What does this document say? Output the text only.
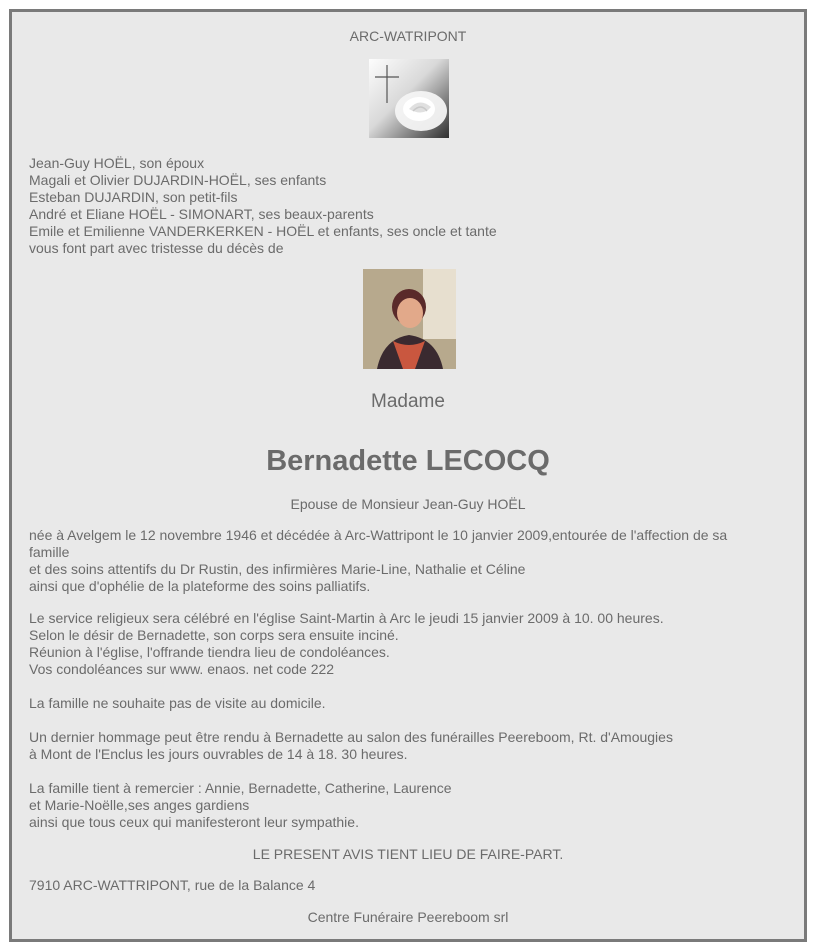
ARC-WATRIPONT
Jean-Guy HOËL, son époux
Magali et Olivier DUJARDIN-HOËL, ses enfants
Esteban DUJARDIN, son petit-fils
André et Eliane HOËL - SIMONART, ses beaux-parents
Emile et Emilienne VANDERKERKEN - HOËL et enfants, ses oncle et tante
vous font part avec tristesse du décès de
Madame
Bernadette LECOCQ
Epouse de Monsieur Jean-Guy HOËL
née à Avelgem le 12 novembre 1946 et décédée à Arc-Wattripont le 10 janvier 2009,entourée de l'affection de sa
famille
et des soins attentifs du Dr Rustin, des infirmières Marie-Line, Nathalie et Céline
ainsi que d'ophélie de la plateforme des soins palliatifs.
Le service religieux sera célébré en l'église Saint-Martin à Arc le jeudi 15 janvier 2009 à 10. 00 heures.
Selon le désir de Bernadette, son corps sera ensuite inciné.
Réunion à l'église, l'offrande tiendra lieu de condoléances.
Vos condoléances sur www. enaos. net code 222
La famille ne souhaite pas de visite au domicile.
Un dernier hommage peut être rendu à Bernadette au salon des funérailles Peereboom, Rt. d'Amougies
à Mont de l'Enclus les jours ouvrables de 14 à 18. 30 heures.
La famille tient à remercier : Annie, Bernadette, Catherine, Laurence
et Marie-Noëlle,ses anges gardiens
ainsi que tous ceux qui manifesteront leur sympathie.
LE PRESENT AVIS TIENT LIEU DE FAIRE-PART.
7910 ARC-WATTRIPONT, rue de la Balance 4
Centre Funéraire Peereboom srl
